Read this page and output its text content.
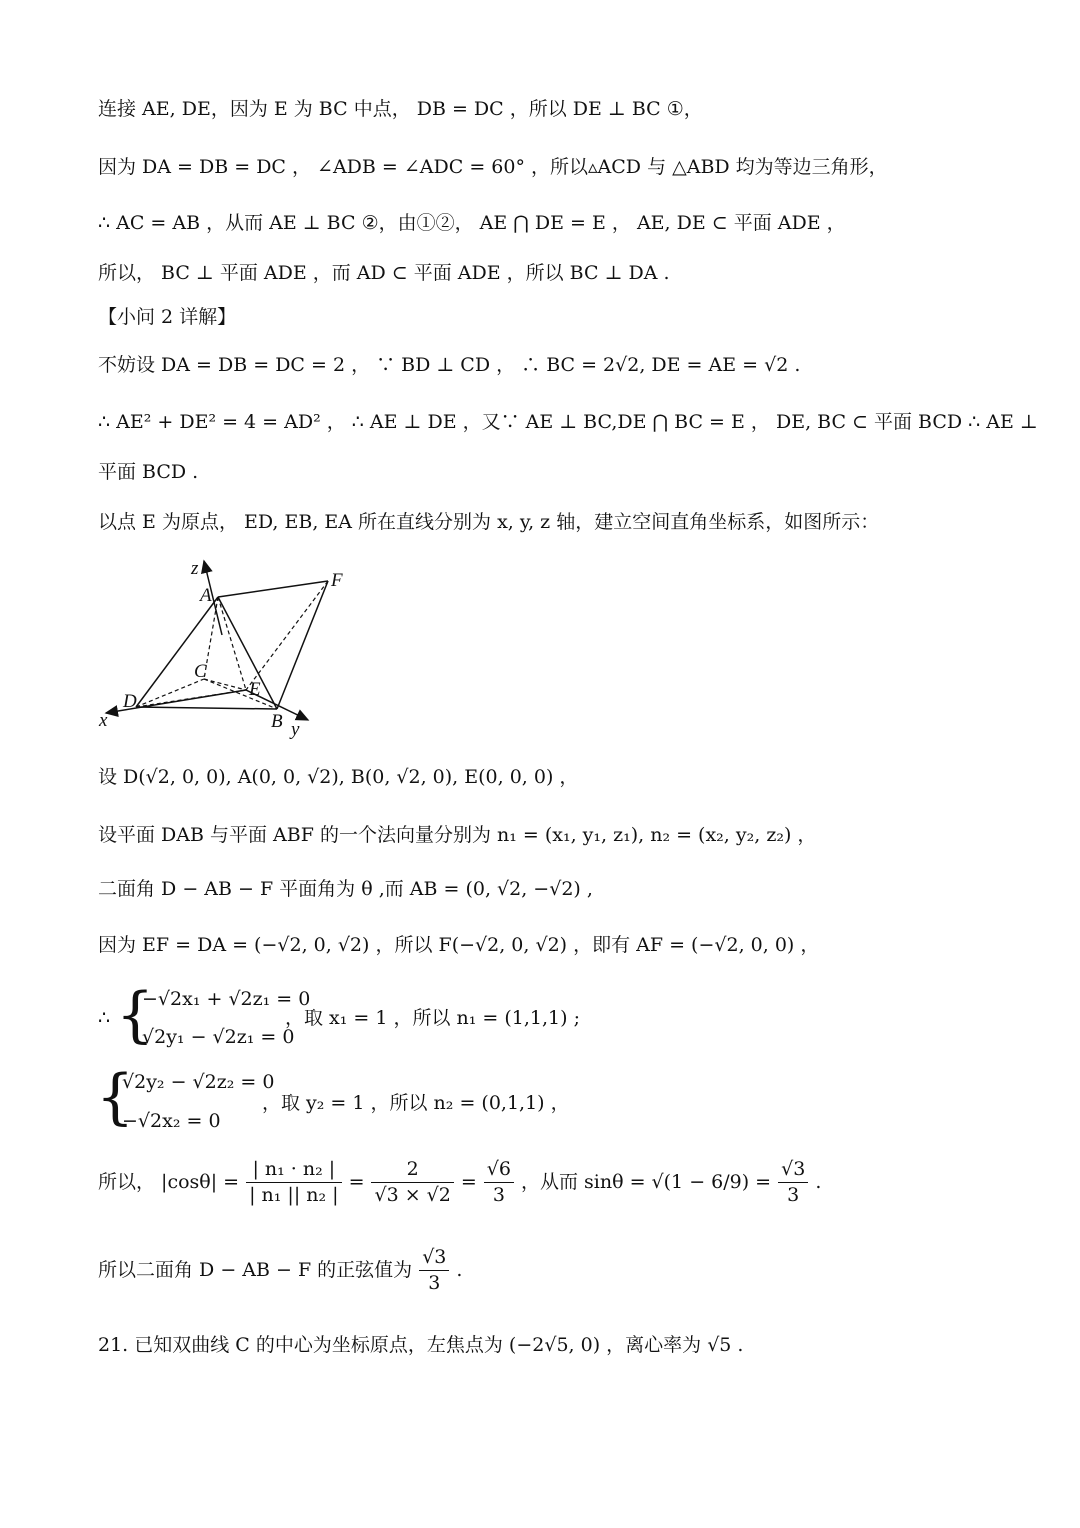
连接 AE, DE，因为 E 为 BC 中点， DB = DC ，所以 DE ⊥ BC ①，
因为 DA = DB = DC ， ∠ADB = ∠ADC = 60° ，所以▵ACD 与 △ABD 均为等边三角形，
∴ AC = AB ，从而 AE ⊥ BC ②，由①②， AE ⋂ DE = E ， AE, DE ⊂ 平面 ADE ，
所以， BC ⊥ 平面 ADE ，而 AD ⊂ 平面 ADE ，所以 BC ⊥ DA .
【小问 2 详解】
不妨设 DA = DB = DC = 2 ， ∵ BD ⊥ CD ， ∴ BC = 2√2, DE = AE = √2 .
∴ AE² + DE² = 4 = AD² ， ∴ AE ⊥ DE ，又∵ AE ⊥ BC,DE ⋂ BC = E ， DE, BC ⊂ 平面 BCD ∴ AE ⊥
平面 BCD .
以点 E 为原点， ED, EB, EA 所在直线分别为 x, y, z 轴，建立空间直角坐标系，如图所示：
z
A
F
C
D
E
x	B y
设 D(√2, 0, 0), A(0, 0, √2), B(0, √2, 0), E(0, 0, 0) ，
设平面 DAB 与平面 ABF 的一个法向量分别为 n₁ = (x₁, y₁, z₁), n₂ = (x₂, y₂, z₂) ，
二面角 D − AB − F 平面角为 θ ,而 AB = (0, √2, −√2) ,
因为 EF = DA = (−√2, 0, √2) ，所以 F(−√2, 0, √2) ，即有 AF = (−√2, 0, 0) ，
∴ {
−√2x₁ + √2z₁ = 0
√2y₁ − √2z₁ = 0
，取 x₁ = 1 ，所以 n₁ = (1,1,1) ;
{
√2y₂ − √2z₂ = 0
−√2x₂ = 0
，取 y₂ = 1 ，所以 n₂ = (0,1,1) ，
所以， $|\cos\theta| = \frac{\text{| n₁ · n₂ |}}{\text{| n₁ || n₂ |}} = \frac{2}{√3 \times √2} = \frac{√6}{3}$ ，从而 $\sin\theta = √(1 - 6/9) = \frac{√3}{3}$ .
所以二面角 D − AB − F 的正弦值为 $\frac{√3}{3}$ .
21. 已知双曲线 C 的中心为坐标原点，左焦点为 (−2√5, 0) ，离心率为 √5 .
